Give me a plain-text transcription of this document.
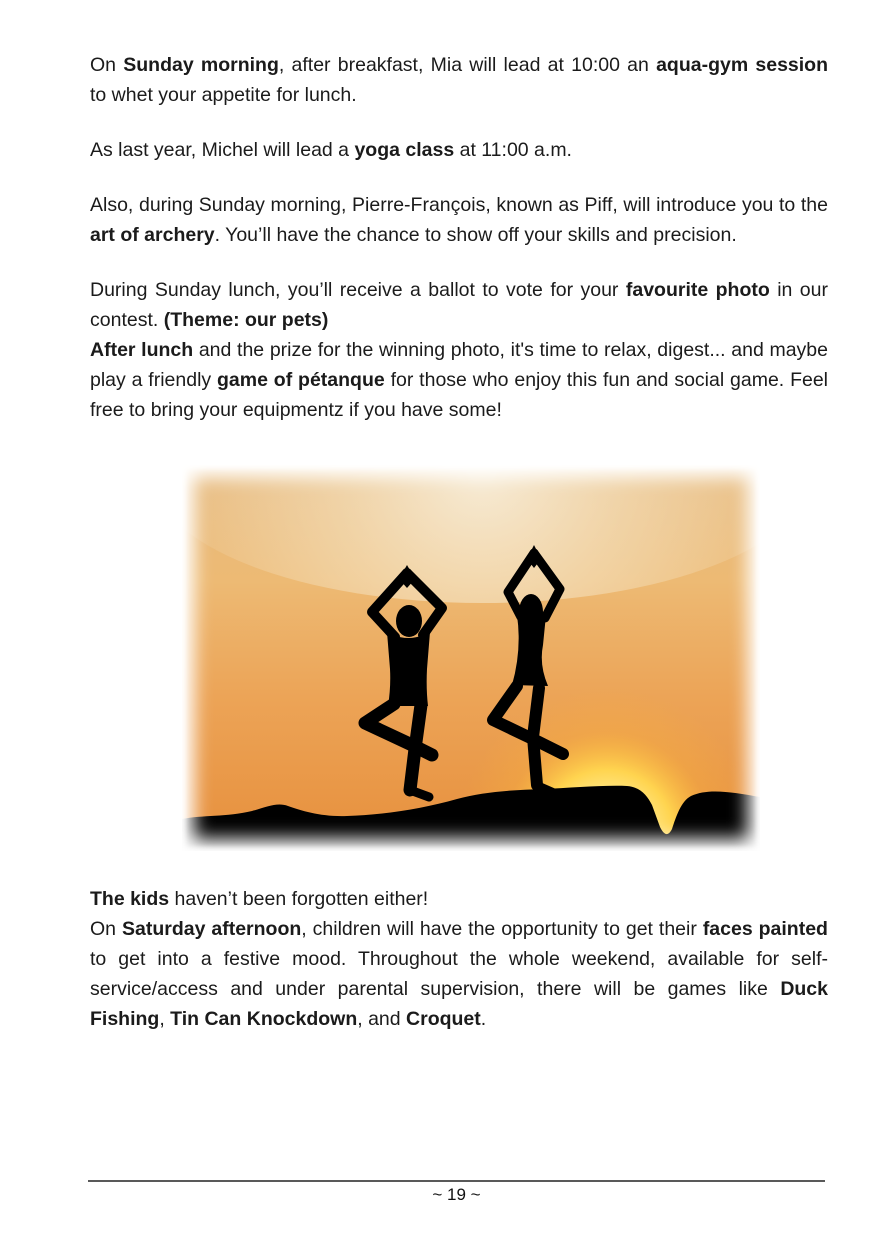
On Sunday morning, after breakfast, Mia will lead at 10:00 an aqua-gym session to whet your appetite for lunch.

As last year, Michel will lead a yoga class at 11:00 a.m.

Also, during Sunday morning, Pierre-François, known as Piff, will introduce you to the art of archery. You’ll have the chance to show off your skills and precision.

During Sunday lunch, you’ll receive a ballot to vote for your favourite photo in our contest. (Theme: our pets)

After lunch and the prize for the winning photo, it's time to relax, digest... and maybe play a friendly game of pétanque for those who enjoy this fun and social game. Feel free to bring your equipmentz if you have some!

The kids haven’t been forgotten either!

On Saturday afternoon, children will have the opportunity to get their faces painted to get into a festive mood. Throughout the whole weekend, available for self-service/access and under parental supervision, there will be games like Duck Fishing, Tin Can Knockdown, and Croquet.

~ 19 ~
